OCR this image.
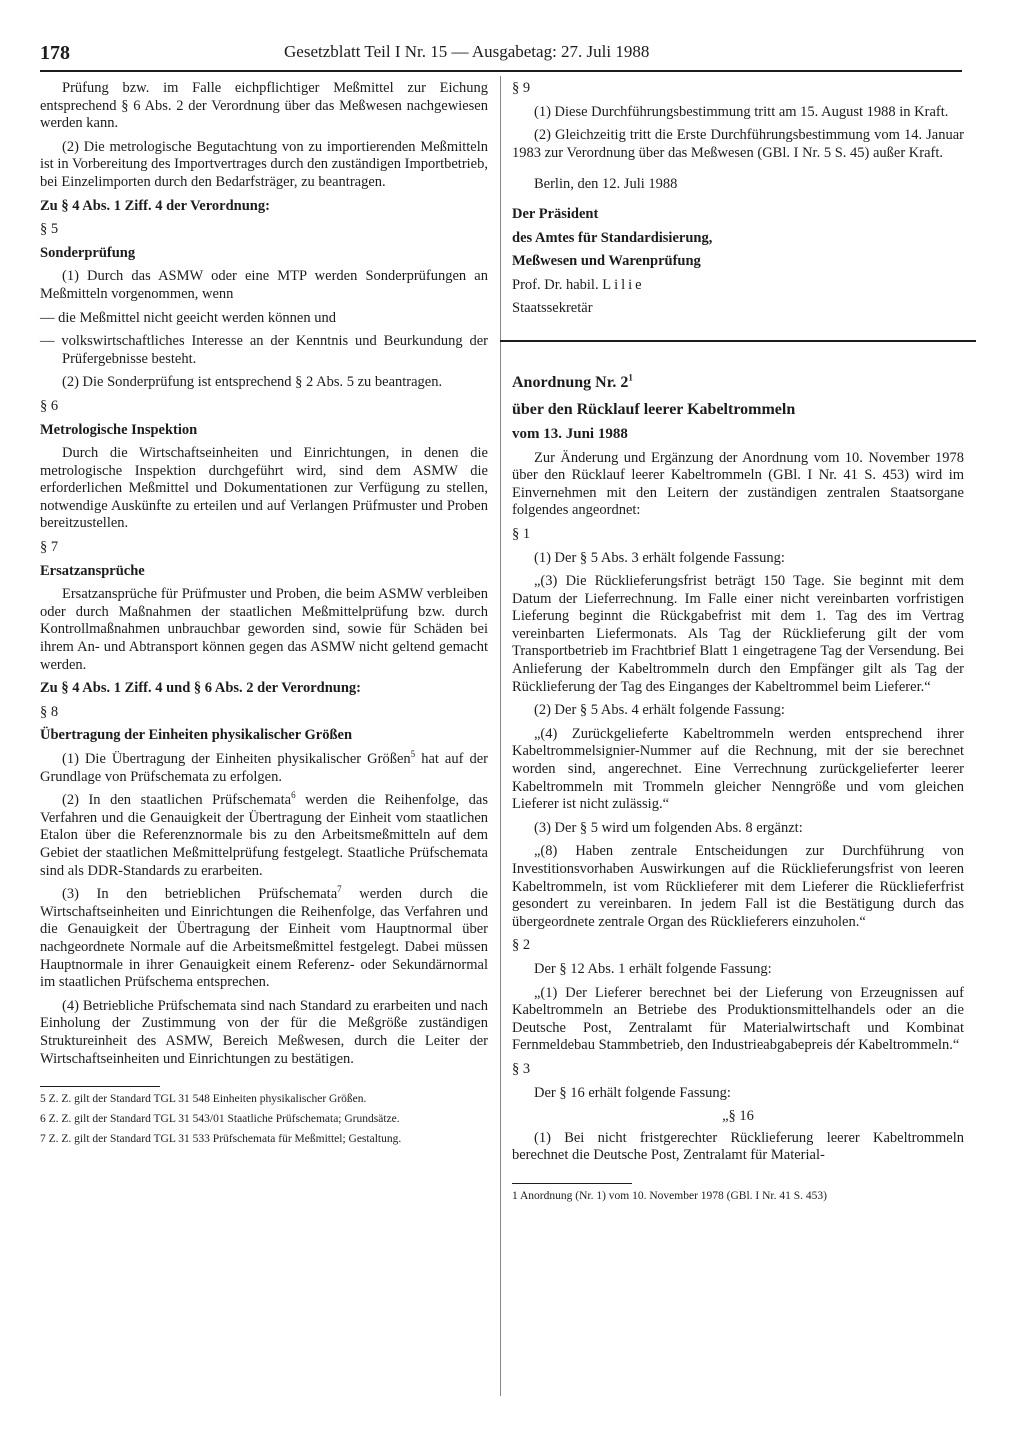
178	Gesetzblatt Teil I Nr. 15 — Ausgabetag: 27. Juli 1988

Prüfung bzw. im Falle eichpflichtiger Meßmittel zur Eichung entsprechend § 6 Abs. 2 der Verordnung über das Meßwesen nachgewiesen werden kann.

(2) Die metrologische Begutachtung von zu importierenden Meßmitteln ist in Vorbereitung des Importvertrages durch den zuständigen Importbetrieb, bei Einzelimporten durch den Bedarfsträger, zu beantragen.

Zu § 4 Abs. 1 Ziff. 4 der Verordnung:

§ 5

Sonderprüfung

(1) Durch das ASMW oder eine MTP werden Sonderprüfungen an Meßmitteln vorgenommen, wenn

— die Meßmittel nicht geeicht werden können und

— volkswirtschaftliches Interesse an der Kenntnis und Beurkundung der Prüfergebnisse besteht.

(2) Die Sonderprüfung ist entsprechend § 2 Abs. 5 zu beantragen.

§ 6

Metrologische Inspektion

Durch die Wirtschaftseinheiten und Einrichtungen, in denen die metrologische Inspektion durchgeführt wird, sind dem ASMW die erforderlichen Meßmittel und Dokumentationen zur Verfügung zu stellen, notwendige Auskünfte zu erteilen und auf Verlangen Prüfmuster und Proben bereitzustellen.

§ 7

Ersatzansprüche

Ersatzansprüche für Prüfmuster und Proben, die beim ASMW verbleiben oder durch Maßnahmen der staatlichen Meßmittelprüfung bzw. durch Kontrollmaßnahmen unbrauchbar geworden sind, sowie für Schäden bei ihrem An- und Abtransport können gegen das ASMW nicht geltend gemacht werden.

Zu § 4 Abs. 1 Ziff. 4 und § 6 Abs. 2 der Verordnung:

§ 8

Übertragung der Einheiten physikalischer Größen

(1) Die Übertragung der Einheiten physikalischer Größen$^5$ hat auf der Grundlage von Prüfschemata zu erfolgen.

(2) In den staatlichen Prüfschemata$^6$ werden die Reihenfolge, das Verfahren und die Genauigkeit der Übertragung der Einheit vom staatlichen Etalon über die Referenznormale bis zu den Arbeitsmeßmitteln auf dem Gebiet der staatlichen Meßmittelprüfung festgelegt. Staatliche Prüfschemata sind als DDR-Standards zu erarbeiten.

(3) In den betrieblichen Prüfschemata$^7$ werden durch die Wirtschaftseinheiten und Einrichtungen die Reihenfolge, das Verfahren und die Genauigkeit der Übertragung der Einheit vom Hauptnormal über nachgeordnete Normale auf die Arbeitsmeßmittel festgelegt. Dabei müssen Hauptnormale in ihrer Genauigkeit einem Referenz- oder Sekundärnormal im staatlichen Prüfschema entsprechen.

(4) Betriebliche Prüfschemata sind nach Standard zu erarbeiten und nach Einholung der Zustimmung von der für die Meßgröße zuständigen Struktureinheit des ASMW, Bereich Meßwesen, durch die Leiter der Wirtschaftseinheiten und Einrichtungen zu bestätigen.

5 Z. Z. gilt der Standard TGL 31 548 Einheiten physikalischer Größen.

6 Z. Z. gilt der Standard TGL 31 543/01 Staatliche Prüfschemata; Grundsätze.

7 Z. Z. gilt der Standard TGL 31 533 Prüfschemata für Meßmittel; Gestaltung.

§ 9

(1) Diese Durchführungsbestimmung tritt am 15. August 1988 in Kraft.

(2) Gleichzeitig tritt die Erste Durchführungsbestimmung vom 14. Januar 1983 zur Verordnung über das Meßwesen (GBl. I Nr. 5 S. 45) außer Kraft.

Berlin, den 12. Juli 1988

Der Präsident

des Amtes für Standardisierung,

Meßwesen und Warenprüfung

Prof. Dr. habil. Lilie

Staatssekretär

Anordnung Nr. $2^1$

über den Rücklauf leerer Kabeltrommeln

vom 13. Juni 1988

Zur Änderung und Ergänzung der Anordnung vom 10. November 1978 über den Rücklauf leerer Kabeltrommeln (GBl. I Nr. 41 S. 453) wird im Einvernehmen mit den Leitern der zuständigen zentralen Staatsorgane folgendes angeordnet:

§ 1

(1) Der § 5 Abs. 3 erhält folgende Fassung:

„(3) Die Rücklieferungsfrist beträgt 150 Tage. Sie beginnt mit dem Datum der Lieferrechnung. Im Falle einer nicht vereinbarten vorfristigen Lieferung beginnt die Rückgabefrist mit dem 1. Tag des im Vertrag vereinbarten Liefermonats. Als Tag der Rücklieferung gilt der vom Transportbetrieb im Frachtbrief Blatt 1 eingetragene Tag der Versendung. Bei Anlieferung der Kabeltrommeln durch den Empfänger gilt als Tag der Rücklieferung der Tag des Einganges der Kabeltrommel beim Lieferer.“

(2) Der § 5 Abs. 4 erhält folgende Fassung:

„(4) Zurückgelieferte Kabeltrommeln werden entsprechend ihrer Kabeltrommelsignier-Nummer auf die Rechnung, mit der sie berechnet worden sind, angerechnet. Eine Verrechnung zurückgelieferter leerer Kabeltrommeln mit Trommeln gleicher Nenngröße und vom gleichen Lieferer ist nicht zulässig.“

(3) Der § 5 wird um folgenden Abs. 8 ergänzt:

„(8) Haben zentrale Entscheidungen zur Durchführung von Investitionsvorhaben Auswirkungen auf die Rücklieferungsfrist von leeren Kabeltrommeln, ist vom Rücklieferer mit dem Lieferer die Rücklieferfrist gesondert zu vereinbaren. In jedem Fall ist die Bestätigung durch das übergeordnete zentrale Organ des Rücklieferers einzuholen.“

§ 2

Der § 12 Abs. 1 erhält folgende Fassung:

„(1) Der Lieferer berechnet bei der Lieferung von Erzeugnissen auf Kabeltrommeln an Betriebe des Produktionsmittelhandels oder an die Deutsche Post, Zentralamt für Materialwirtschaft und Kombinat Fernmeldebau Stammbetrieb, den Industrieabgabepreis dér Kabeltrommeln.“

§ 3

Der § 16 erhält folgende Fassung:

„§ 16

(1) Bei nicht fristgerechter Rücklieferung leerer Kabeltrommeln berechnet die Deutsche Post, Zentralamt für Material-

1 Anordnung (Nr. 1) vom 10. November 1978 (GBl. I Nr. 41 S. 453)
